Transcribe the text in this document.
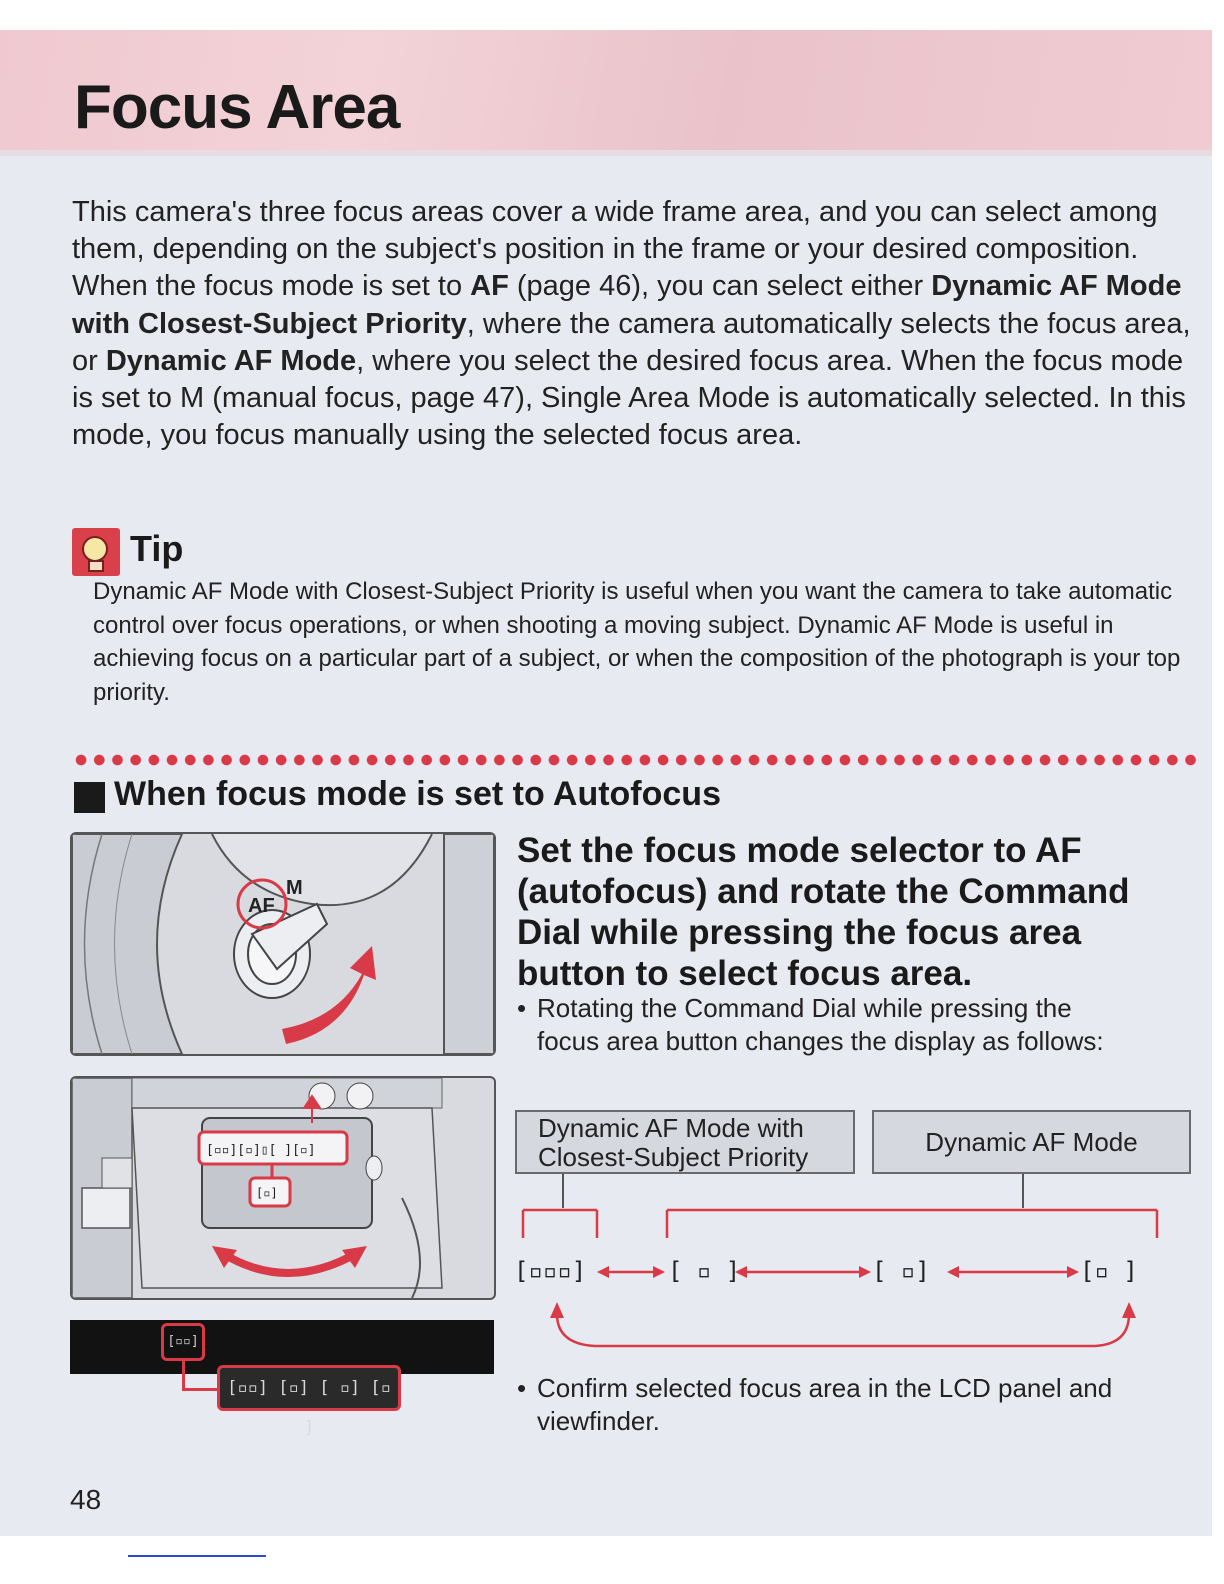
Focus Area

This camera's three focus areas cover a wide frame area, and you can select among them, depending on the subject's position in the frame or your desired composition. When the focus mode is set to AF (page 46), you can select either Dynamic AF Mode with Closest-Subject Priority, where the camera automatically selects the focus area, or Dynamic AF Mode, where you select the desired focus area. When the focus mode is set to M (manual focus, page 47), Single Area Mode is automatically selected. In this mode, you focus manually using the selected focus area.

Tip

Dynamic AF Mode with Closest-Subject Priority is useful when you want the camera to take automatic control over focus operations, or when shooting a moving subject. Dynamic AF Mode is useful in achieving focus on a particular part of a subject, or when the composition of the photograph is your top priority.

When focus mode is set to Autofocus
AF
M
[▫▫][▫]▯[ ][▫]
[▫]
[▫▫]
[▫▫] [▫] [ ▫] [▫ ]
Set the focus mode selector to AF (autofocus) and rotate the Command Dial while pressing the focus area button to select focus area.
• Rotating the Command Dial while pressing the
focus area button changes the display as follows:
Dynamic AF Mode with
Closest-Subject Priority	Dynamic AF Mode
[▫▫▫]	[ ▫ ]	[ ▫]	[▫ ]
• Confirm selected focus area in the LCD panel and
viewfinder.
48
